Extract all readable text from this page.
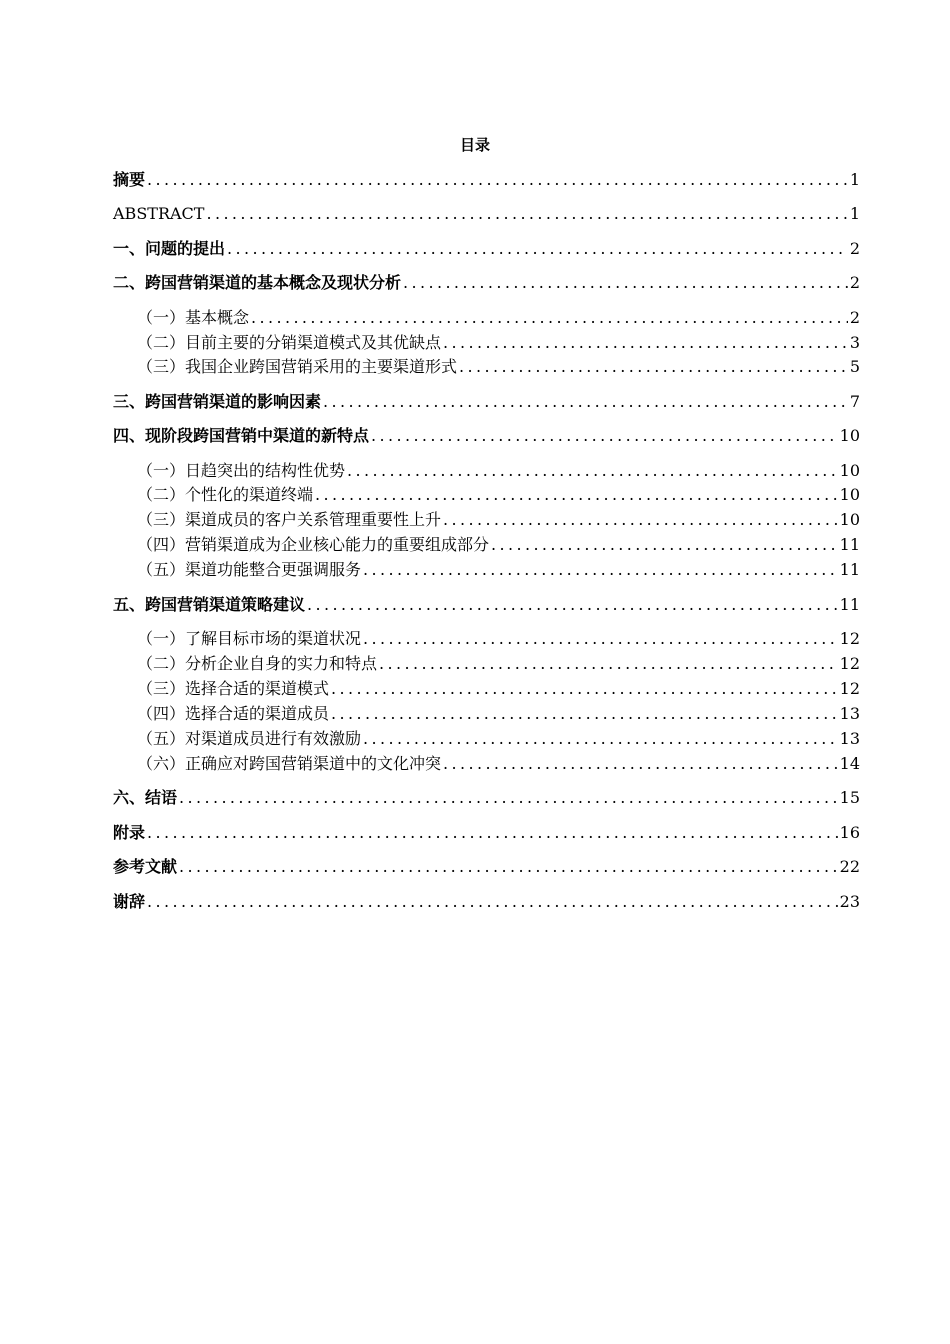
目录
摘要 .....	1
ABSTRACT .....	1
一、问题的提出 .....	2
二、跨国营销渠道的基本概念及现状分析 .....	2
（一）基本概念 .....	2
（二）目前主要的分销渠道模式及其优缺点 .....	3
（三）我国企业跨国营销采用的主要渠道形式 .....	5
三、跨国营销渠道的影响因素 .....	7
四、现阶段跨国营销中渠道的新特点 .....	10
（一）日趋突出的结构性优势 .....	10
（二）个性化的渠道终端 .....	10
（三）渠道成员的客户关系管理重要性上升 .....	10
（四）营销渠道成为企业核心能力的重要组成部分 .....	11
（五）渠道功能整合更强调服务 .....	11
五、跨国营销渠道策略建议 .....	11
（一）了解目标市场的渠道状况 .....	12
（二）分析企业自身的实力和特点 .....	12
（三）选择合适的渠道模式 .....	12
（四）选择合适的渠道成员 .....	13
（五）对渠道成员进行有效激励 .....	13
（六）正确应对跨国营销渠道中的文化冲突 .....	14
六、结语 .....	15
附录 .....	16
参考文献 .....	22
谢辞 .....	23
